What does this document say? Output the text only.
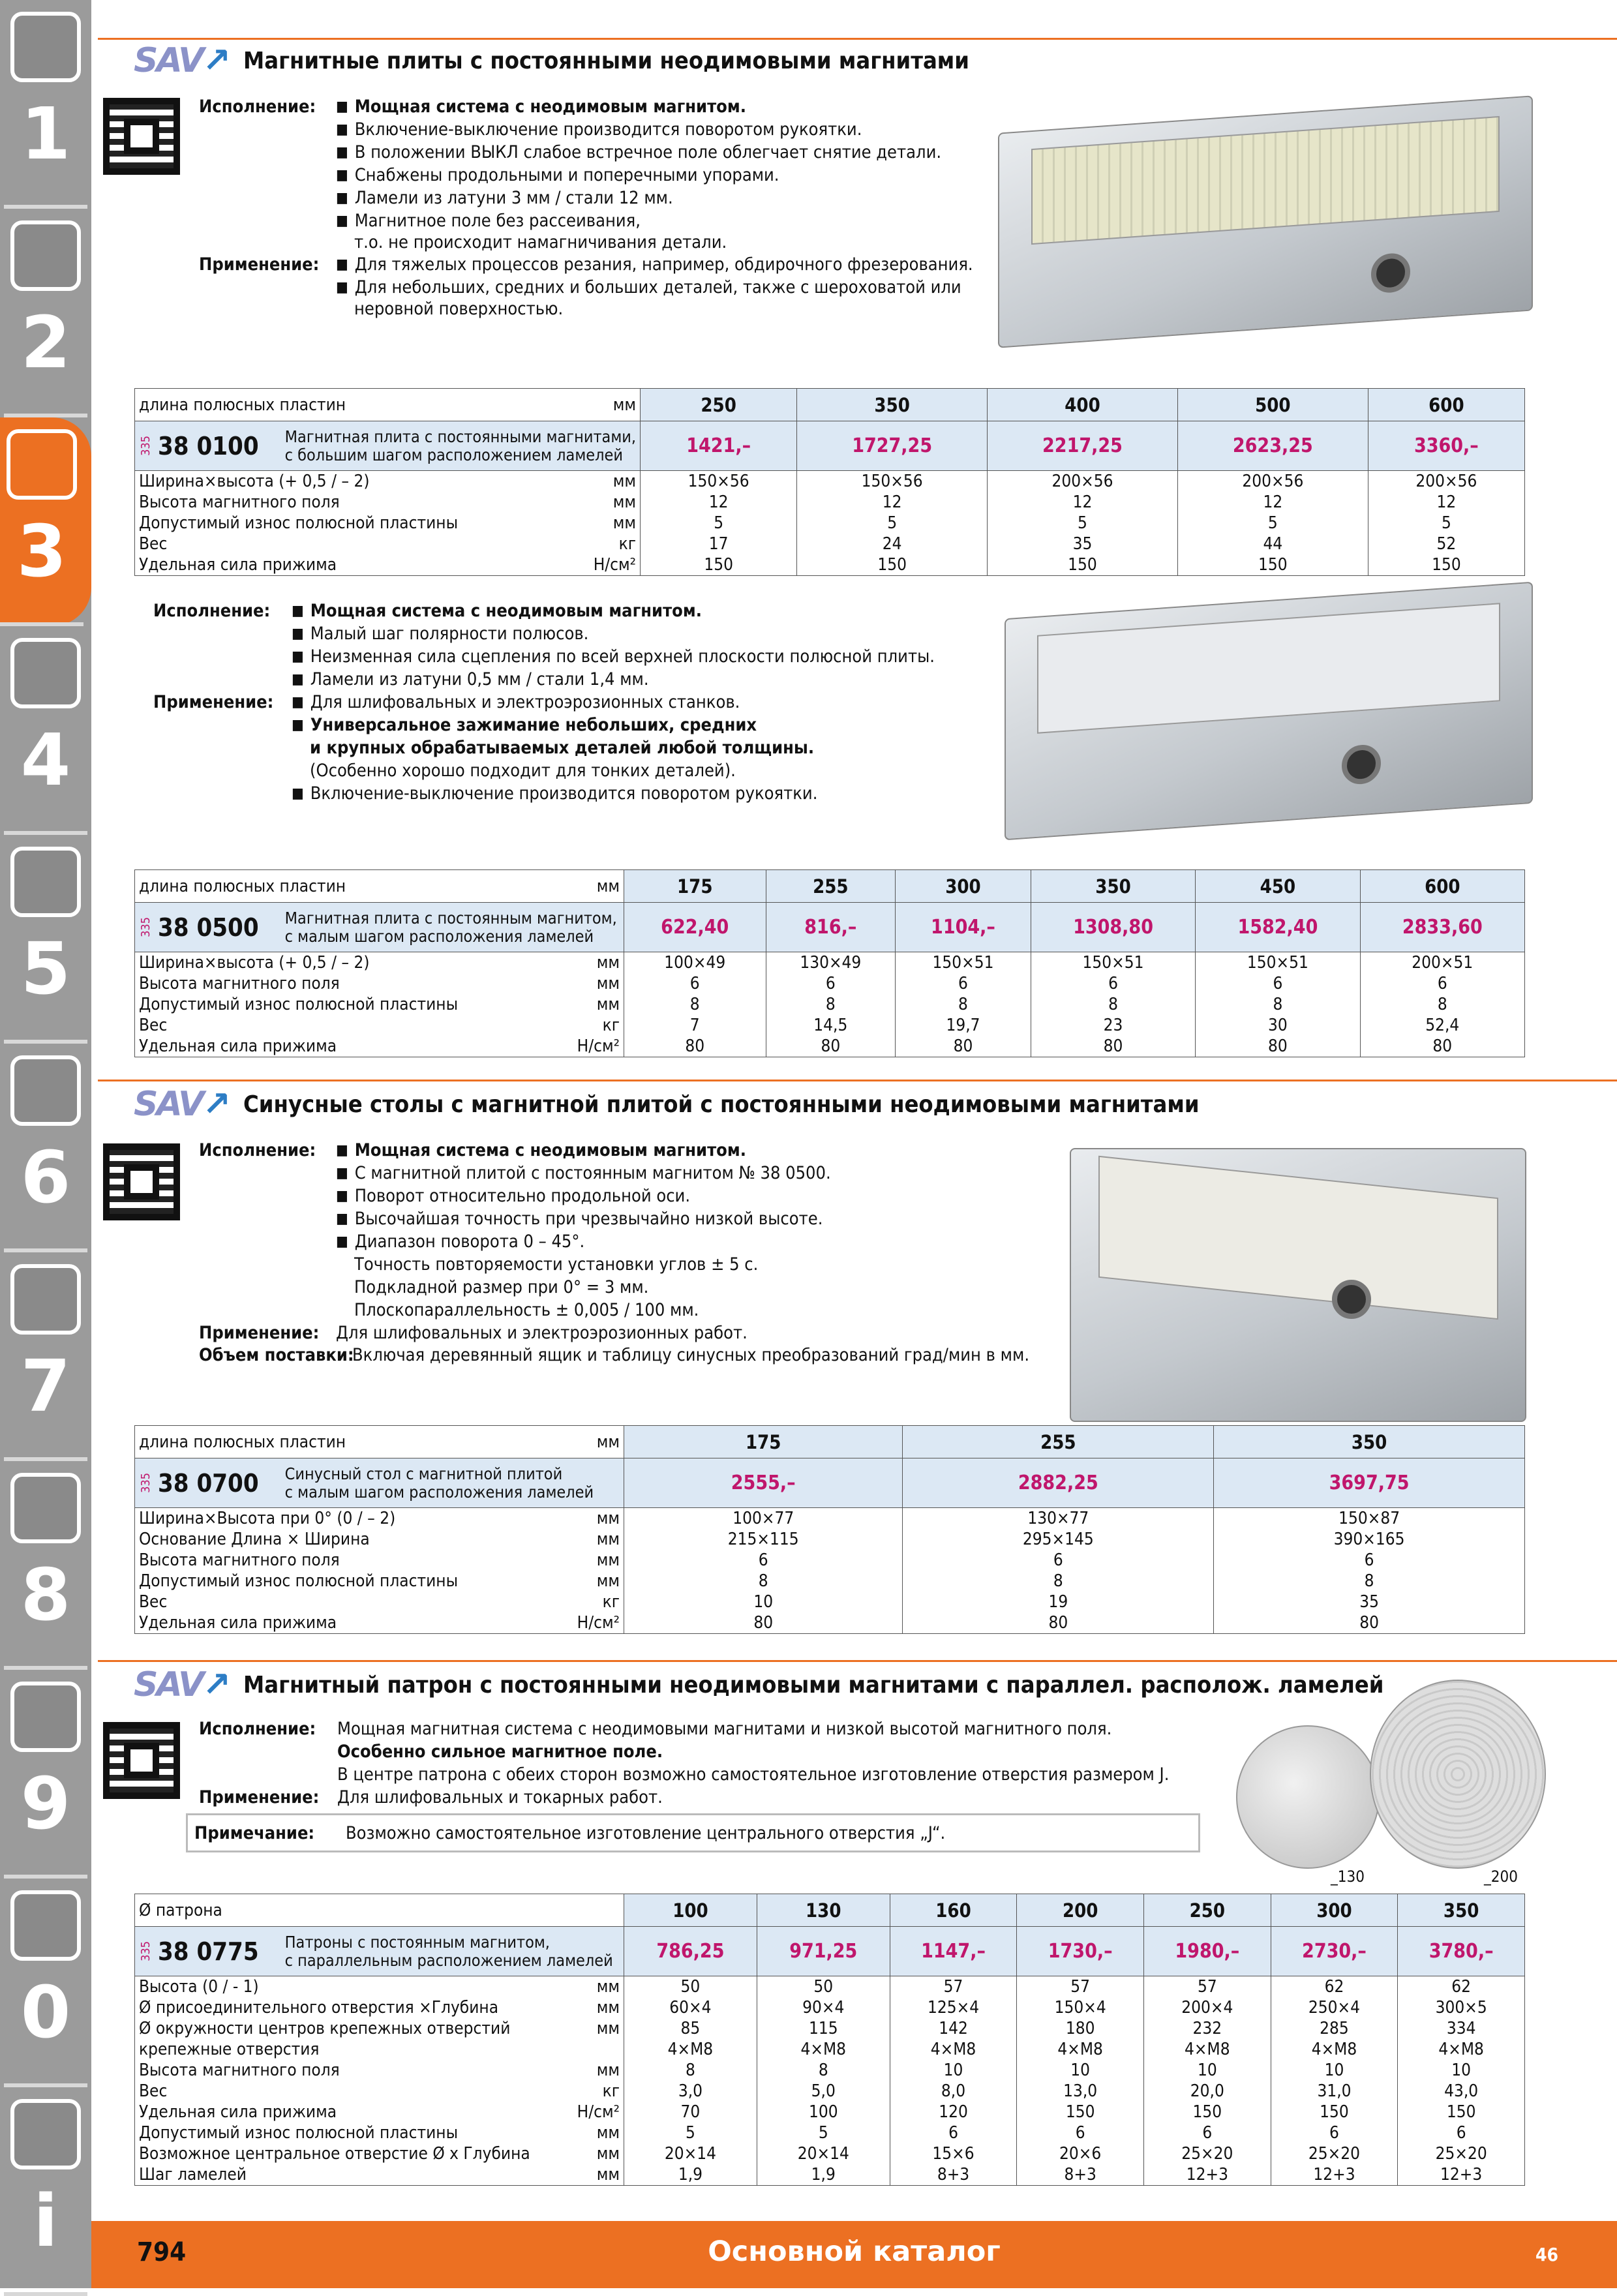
1
2
3
4
5
6
7
8
9
0
i
SAV↗ Магнитные плиты с постоянными неодимовыми магнитами
Исполнение:
Применение:
■ Мощная система с неодимовым магнитом.
■ Включение-выключение производится поворотом рукоятки.
■ В положении ВЫКЛ слабое встречное поле облегчает снятие детали.
■ Снабжены продольными и поперечными упорами.
■ Ламели из латуни 3 мм / стали 12 мм.
■ Магнитное поле без рассеивания,
т.о. не происходит намагничивания детали.
■ Для тяжелых процессов резания, например, обдирочного фрезерования.
■ Для небольших, средних и больших деталей, также с шероховатой или
неровной поверхностью.
длина полюсных пластин мм	250	350	400	500	600

335 38 0100 Магнитная плита с постоянными магнитами,
с большим шагом расположением ламелей	1421,–	1727,25	2217,25	2623,25	3360,–

Ширина×высота (+ 0,5 / – 2) мм	150×56	150×56	200×56	200×56	200×56

Высота магнитного поля мм	12	12	12	12	12

Допустимый износ полюсной пластины мм	5	5	5	5	5

Вес кг	17	24	35	44	52

Удельная сила прижима Н/см²	150	150	150	150	150
Исполнение:
Применение:
■ Мощная система с неодимовым магнитом.
■ Малый шаг полярности полюсов.
■ Неизменная сила сцепления по всей верхней плоскости полюсной плиты.
■ Ламели из латуни 0,5 мм / стали 1,4 мм.
■ Для шлифовальных и электроэрозионных станков.
■ Универсальное зажимание небольших, средних
и крупных обрабатываемых деталей любой толщины.
(Особенно хорошо подходит для тонких деталей).
■ Включение-выключение производится поворотом рукоятки.
длина полюсных пластин мм	175	255	300	350	450	600

335 38 0500 Магнитная плита с постоянным магнитом,
с малым шагом расположения ламелей	622,40	816,–	1104,–	1308,80	1582,40	2833,60

Ширина×высота (+ 0,5 / – 2) мм	100×49	130×49	150×51	150×51	150×51	200×51

Высота магнитного поля мм	6	6	6	6	6	6

Допустимый износ полюсной пластины мм	8	8	8	8	8	8

Вес кг	7	14,5	19,7	23	30	52,4

Удельная сила прижима Н/см²	80	80	80	80	80	80
SAV↗ Синусные столы с магнитной плитой с постоянными неодимовыми магнитами
Исполнение:
Применение:
Объем поставки:
■ Мощная система с неодимовым магнитом.
■ С магнитной плитой с постоянным магнитом № 38 0500.
■ Поворот относительно продольной оси.
■ Высочайшая точность при чрезвычайно низкой высоте.
■ Диапазон поворота 0 – 45°.
Точность повторяемости установки углов ± 5 с.
Подкладной размер при 0° = 3 мм.
Плоскопараллельность ± 0,005 / 100 мм.
Для шлифовальных и электроэрозионных работ.
Включая деревянный ящик и таблицу синусных преобразований град/мин в мм.
длина полюсных пластин мм	175	255	350

335 38 0700 Синусный стол с магнитной плитой
с малым шагом расположения ламелей	2555,–	2882,25	3697,75

Ширина×Высота при 0° (0 / – 2) мм	100×77	130×77	150×87

Основание Длина × Ширина мм	215×115	295×145	390×165

Высота магнитного поля мм	6	6	6

Допустимый износ полюсной пластины мм	8	8	8

Вес кг	10	19	35

Удельная сила прижима Н/см²	80	80	80
SAV↗ Магнитный патрон с постоянными неодимовыми магнитами с параллел. располож. ламелей
Исполнение:
Применение:
Мощная магнитная система с неодимовыми магнитами и низкой высотой магнитного поля.
Особенно сильное магнитное поле.
В центре патрона с обеих сторон возможно самостоятельное изготовление отверстия размером J.
Для шлифовальных и токарных работ.
Примечание:	Возможно самостоятельное изготовление центрального отверстия „J“.
_130	_200
Ø патрона	100	130	160	200	250	300	350

335 38 0775 Патроны с постоянным магнитом,
с параллельным расположением ламелей	786,25	971,25	1147,–	1730,–	1980,–	2730,–	3780,–

Высота (0 / - 1) мм	50	50	57	57	57	62	62

Ø присоединительного отверстия ×Глубина мм	60×4	90×4	125×4	150×4	200×4	250×4	300×5

Ø окружности центров крепежных отверстий мм	85	115	142	180	232	285	334

крепежные отверстия	4×M8	4×M8	4×M8	4×M8	4×M8	4×M8	4×M8

Высота магнитного поля мм	8	8	10	10	10	10	10

Вес кг	3,0	5,0	8,0	13,0	20,0	31,0	43,0

Удельная сила прижима Н/см²	70	100	120	150	150	150	150

Допустимый износ полюсной пластины мм	5	5	6	6	6	6	6

Возможное центральное отверстие Ø х Глубина мм	20×14	20×14	15×6	20×6	25×20	25×20	25×20

Шаг ламелей мм	1,9	1,9	8+3	8+3	12+3	12+3	12+3
794	Основной каталог	46
